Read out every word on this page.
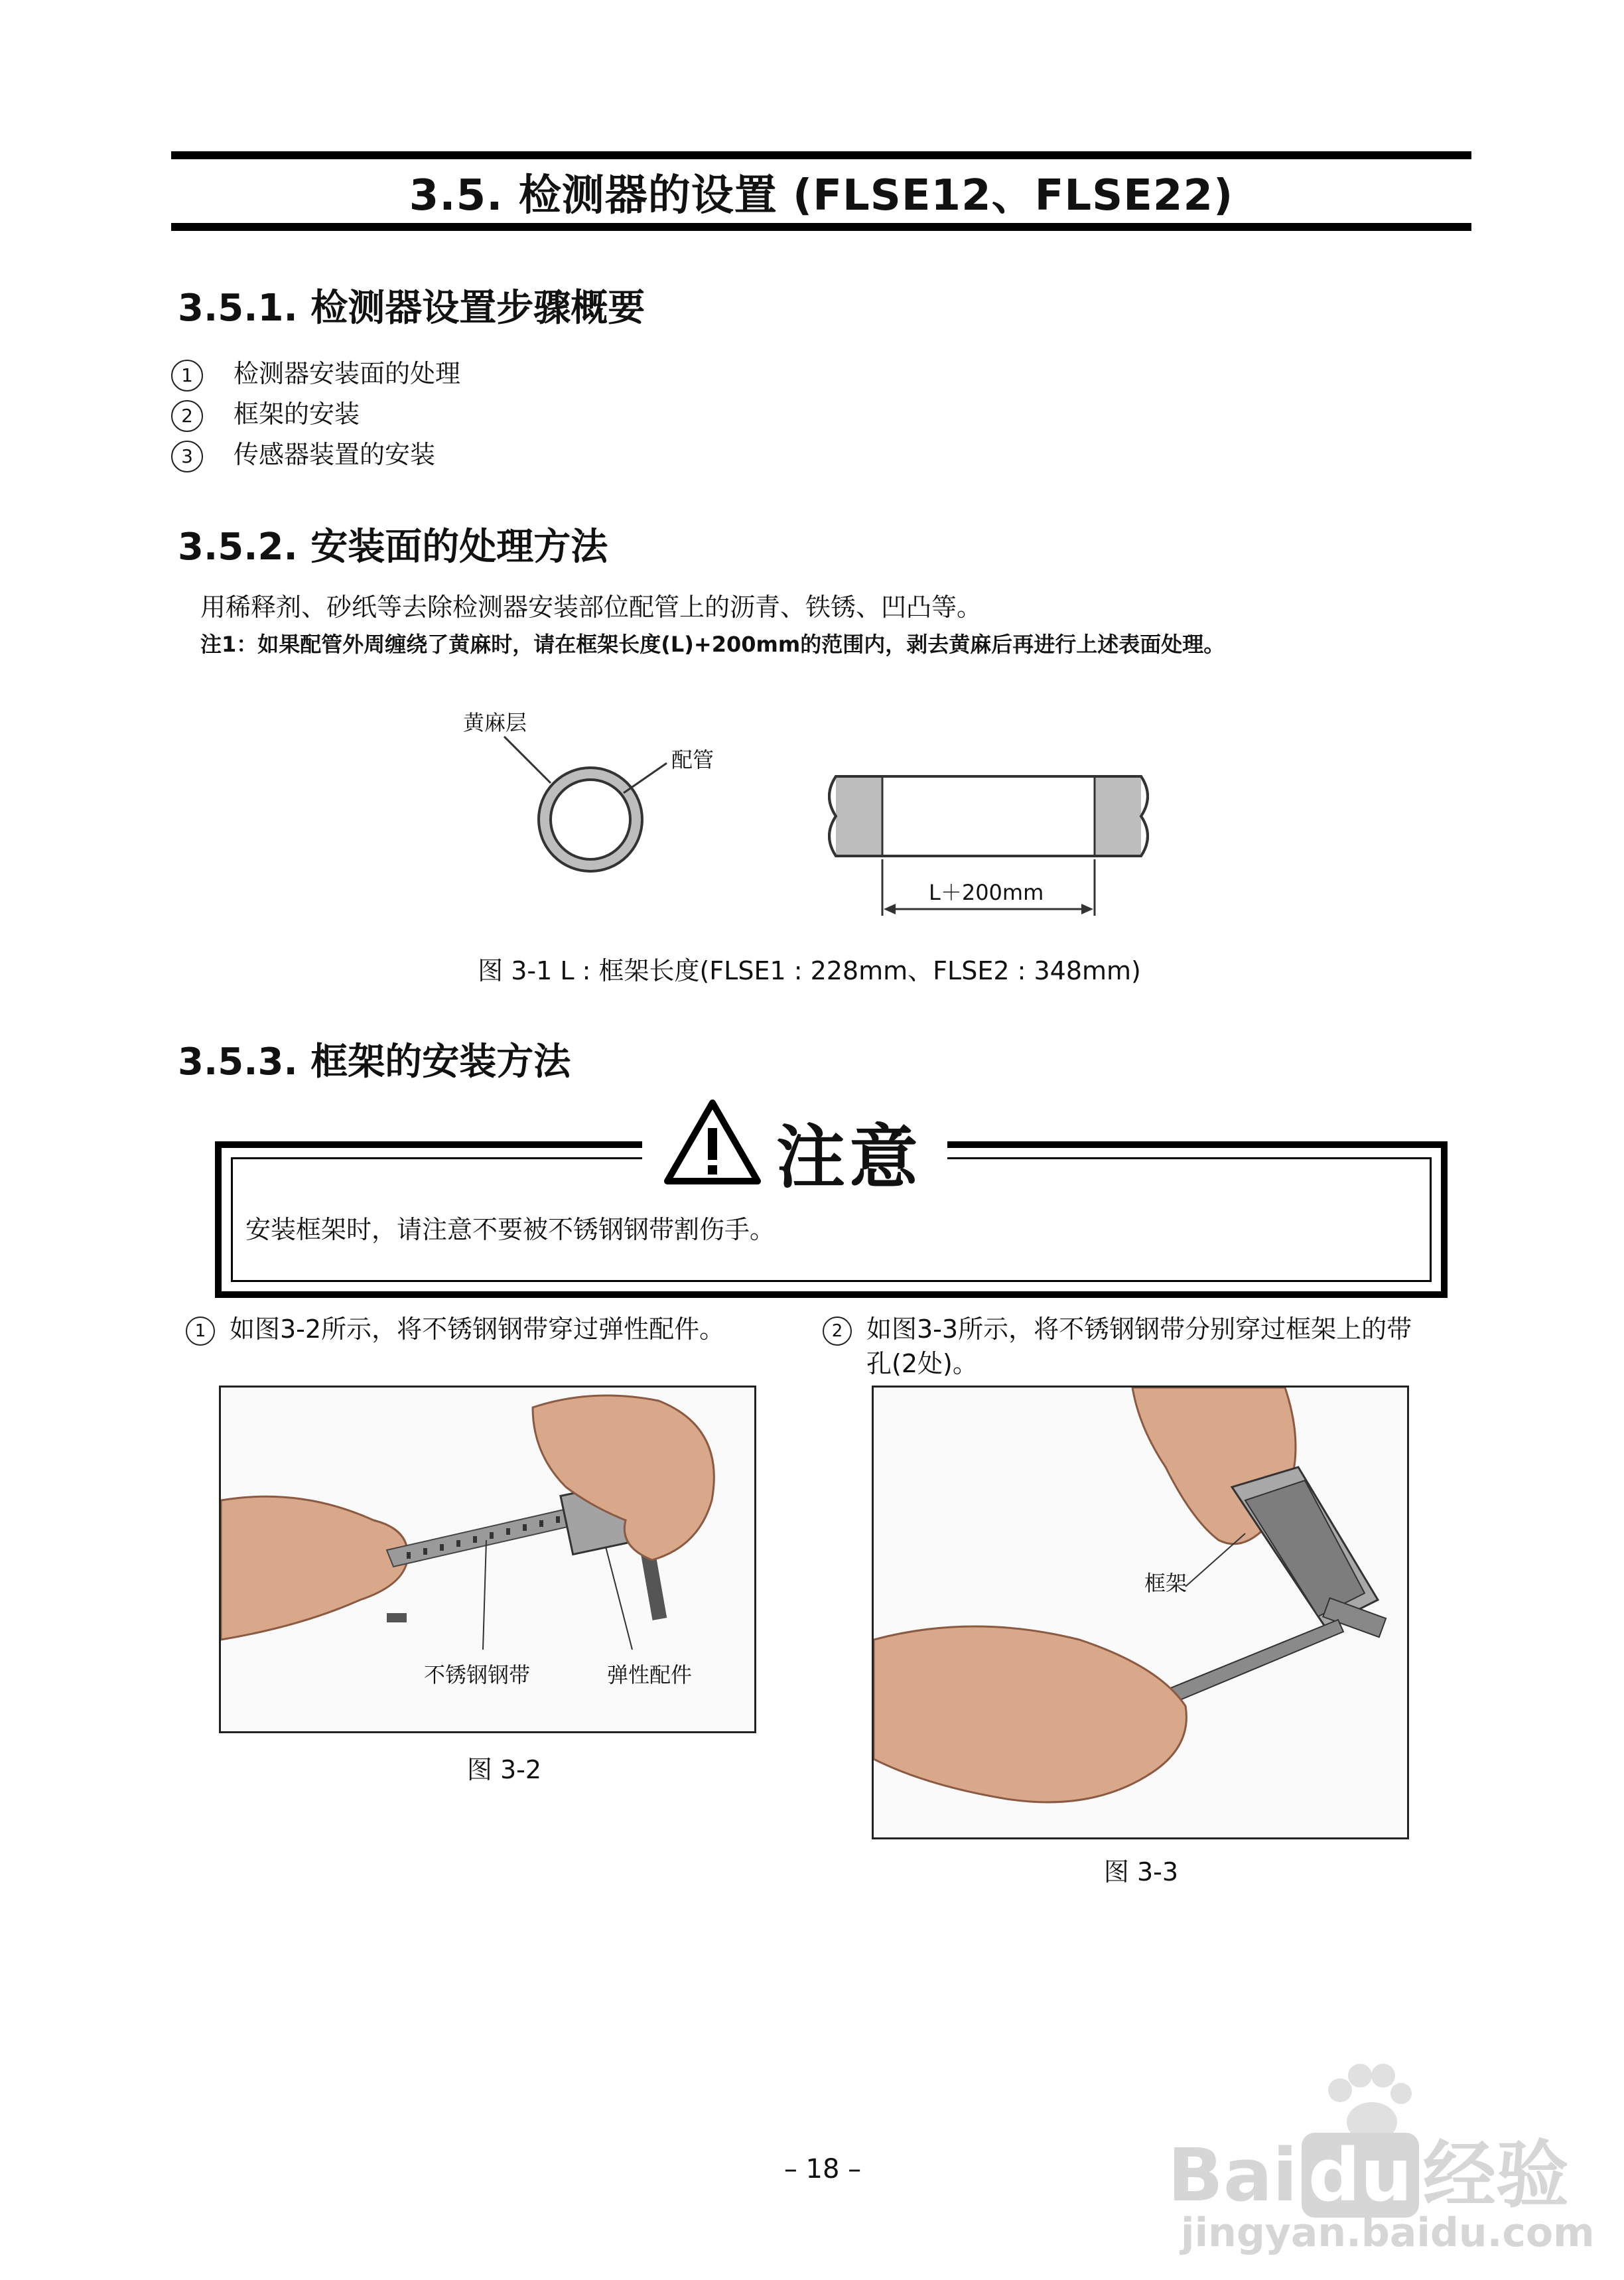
3.5. 检测器的设置 (FLSE12、FLSE22)
3.5.1. 检测器设置步骤概要
1 检测器安装面的处理
2 框架的安装
3 传感器装置的安装
3.5.2. 安装面的处理方法
用稀释剂、砂纸等去除检测器安装部位配管上的沥青、铁锈、凹凸等。
注1：如果配管外周缠绕了黄麻时，请在框架长度(L)+200mm的范围内，剥去黄麻后再进行上述表面处理。
黄麻层
配管
L＋200mm
图 3-1 L : 框架长度(FLSE1 : 228mm、FLSE2 : 348mm)
3.5.3. 框架的安装方法
注意
安装框架时，请注意不要被不锈钢钢带割伤手。
1 如图3-2所示，将不锈钢钢带穿过弹性配件。	2 如图3-3所示，将不锈钢钢带分别穿过框架上的带
孔(2处)。
不锈钢钢带	弹性配件
图 3-2
框架
图 3-3
– 18 –	Bai du 经验
jingyan.baidu.com
